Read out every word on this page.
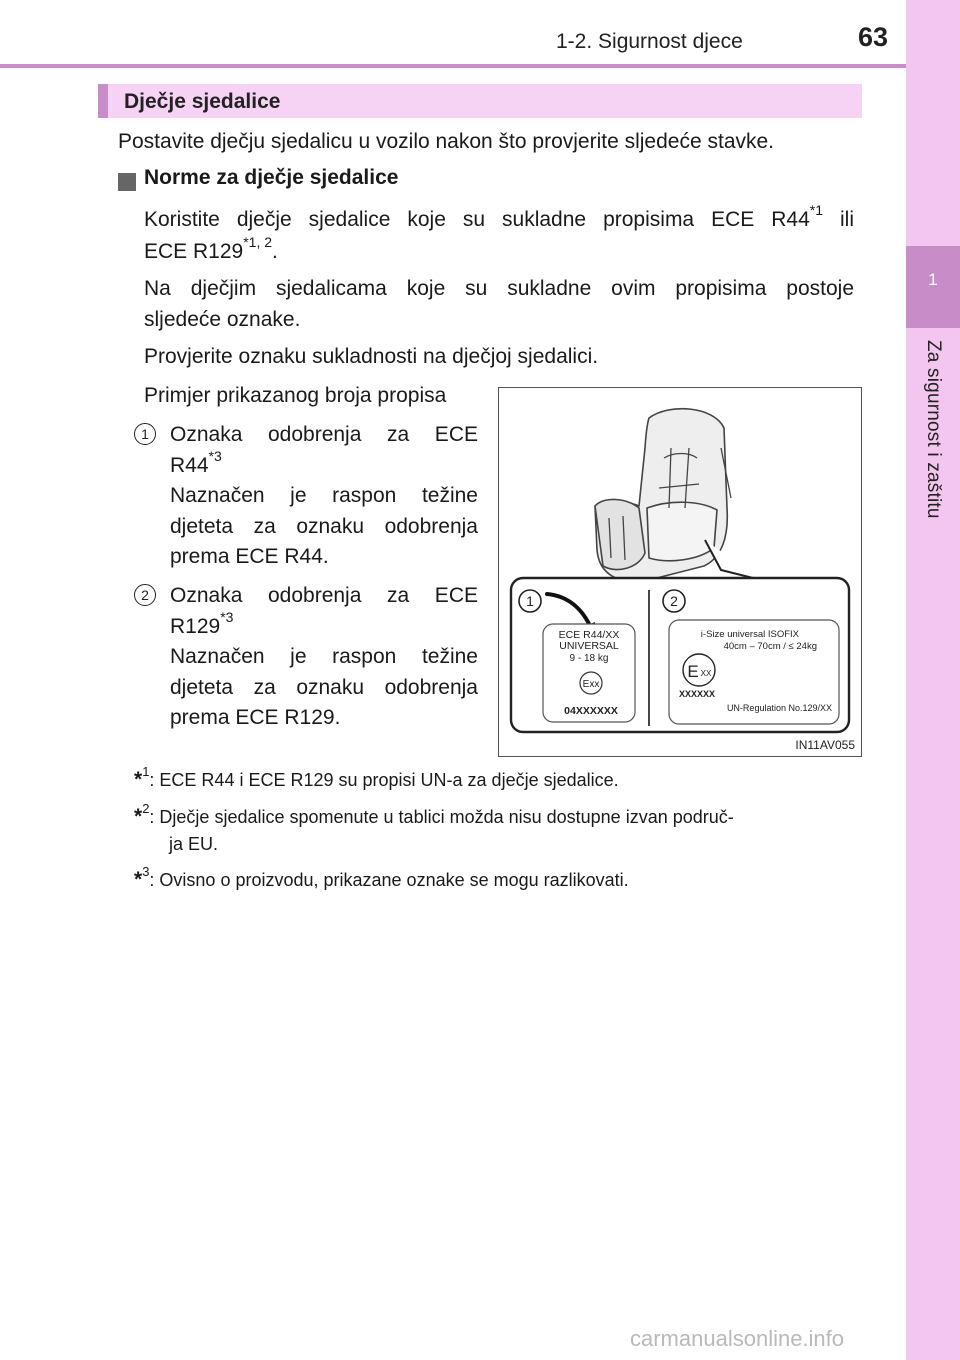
1
Za sigurnost i zaštitu
1-2. Sigurnost djece	63
Dječje sjedalice
Postavite dječju sjedalicu u vozilo nakon što provjerite sljedeće stavke.
Norme za dječje sjedalice
Koristite dječje sjedalice koje su sukladne propisima ECE R44$^{*1}$ ili
ECE R129$^{*1, 2}$.
Na dječjim sjedalicama koje su sukladne ovim propisima postoje
sljedeće oznake.
Provjerite oznaku sukladnosti na dječjoj sjedalici.
Primjer prikazanog broja propisa
1	Oznaka odobrenja za ECE
R44$^{*3}$
Naznačen je raspon težine
djeteta za oznaku odobrenja
prema ECE R44.
2	Oznaka odobrenja za ECE
R129$^{*3}$
Naznačen je raspon težine
djeteta za oznaku odobrenja
prema ECE R129.
1	2
ECE R44/XX
UNIVERSAL
9 - 18 kg
Exx
04XXXXXX
i-Size universal ISOFIX
40cm – 70cm / ≤ 24kg
E XX
XXXXXX
UN-Regulation No.129/XX
IN11AV055
*$^1$: ECE R44 i ECE R129 su propisi UN-a za dječje sjedalice.
*$^2$: Dječje sjedalice spomenute u tablici možda nisu dostupne izvan područ-
ja EU.
*$^3$: Ovisno o proizvodu, prikazane oznake se mogu razlikovati.
carmanualsonline.info
